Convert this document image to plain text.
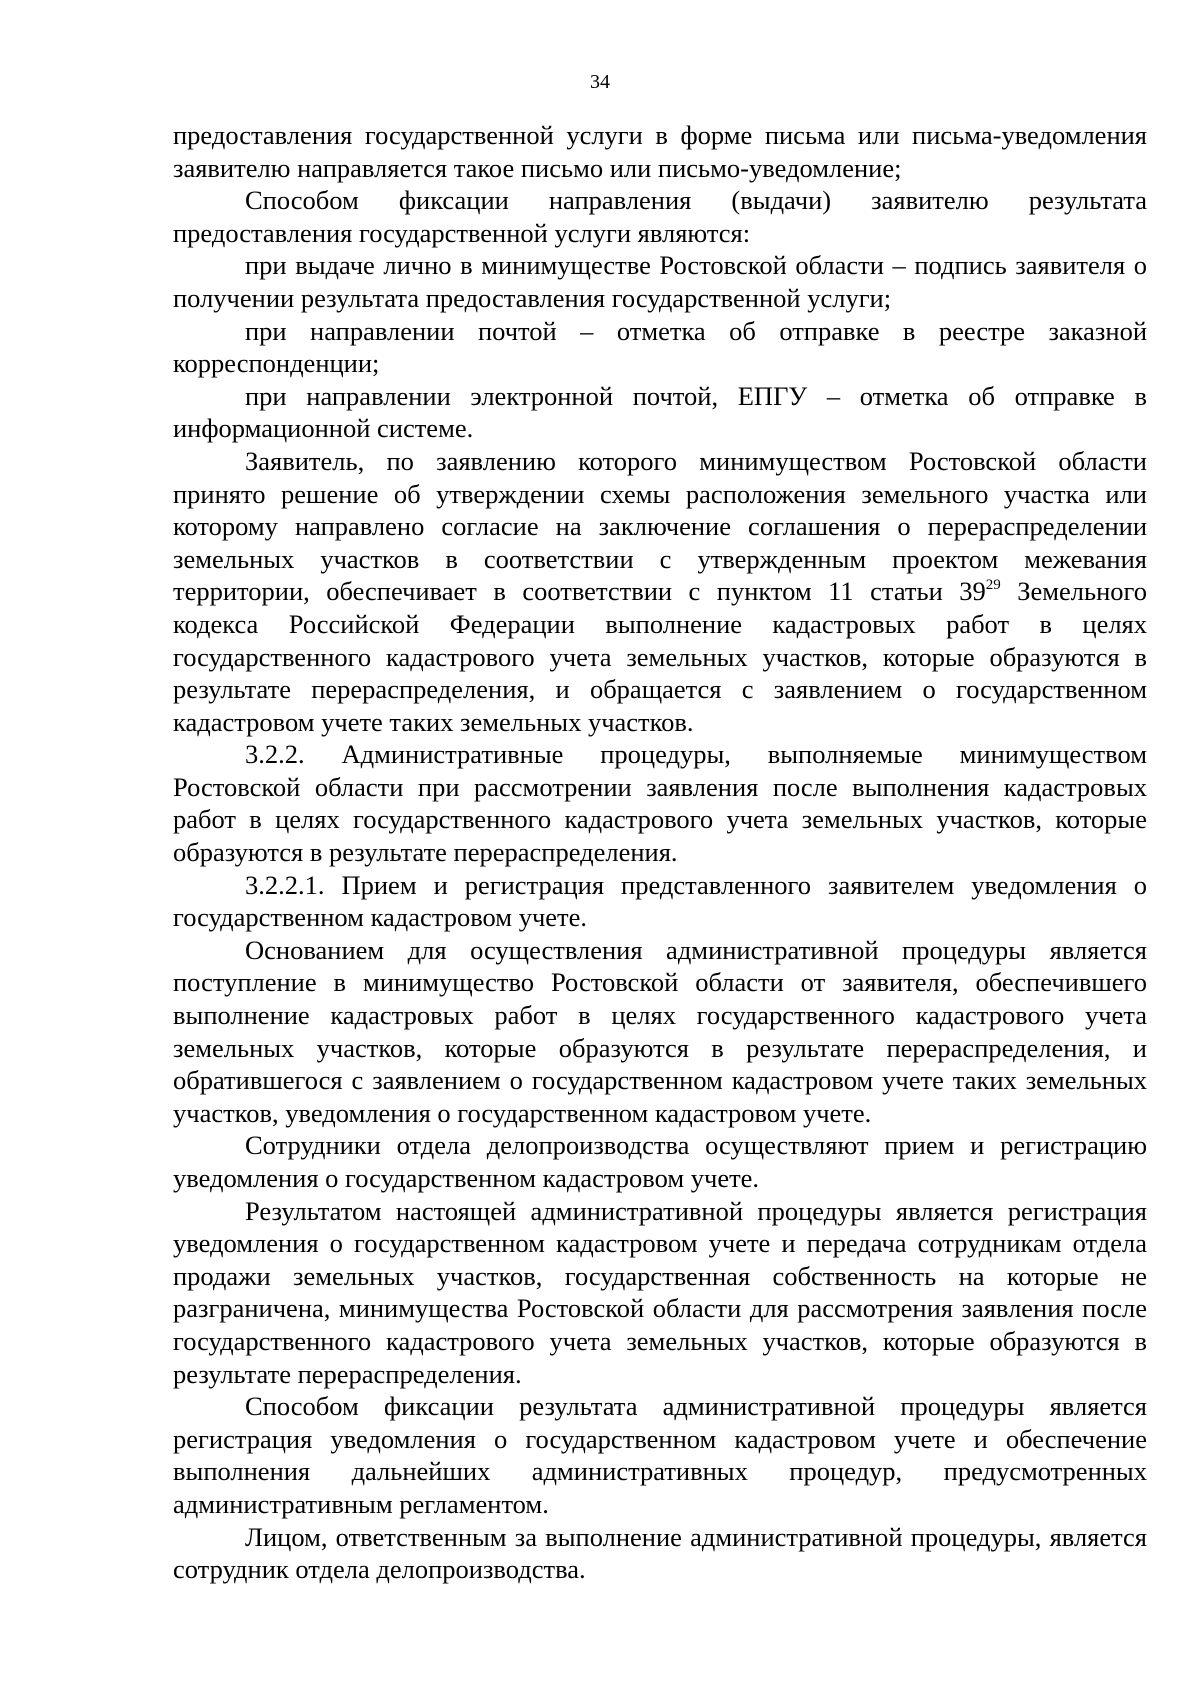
34

предоставления государственной услуги в форме письма или письма-уведомления заявителю направляется такое письмо или письмо-уведомление;

Способом фиксации направления (выдачи) заявителю результата предоставления государственной услуги являются:

при выдаче лично в минимуществе Ростовской области – подпись заявителя о получении результата предоставления государственной услуги;

при направлении почтой – отметка об отправке в реестре заказной корреспонденции;

при направлении электронной почтой, ЕПГУ – отметка об отправке в информационной системе.

Заявитель, по заявлению которого минимуществом Ростовской области принято решение об утверждении схемы расположения земельного участка или которому направлено согласие на заключение соглашения о перераспределении земельных участков в соответствии с утвержденным проектом межевания территории, обеспечивает в соответствии с пунктом 11 статьи $39^{29}$ Земельного кодекса Российской Федерации выполнение кадастровых работ в целях государственного кадастрового учета земельных участков, которые образуются в результате перераспределения, и обращается с заявлением о государственном кадастровом учете таких земельных участков.

3.2.2. Административные процедуры, выполняемые минимуществом Ростовской области при рассмотрении заявления после выполнения кадастровых работ в целях государственного кадастрового учета земельных участков, которые образуются в результате перераспределения.

3.2.2.1. Прием и регистрация представленного заявителем уведомления о государственном кадастровом учете.

Основанием для осуществления административной процедуры является поступление в минимущество Ростовской области от заявителя, обеспечившего выполнение кадастровых работ в целях государственного кадастрового учета земельных участков, которые образуются в результате перераспределения, и обратившегося с заявлением о государственном кадастровом учете таких земельных участков, уведомления о государственном кадастровом учете.

Сотрудники отдела делопроизводства осуществляют прием и регистрацию уведомления о государственном кадастровом учете.

Результатом настоящей административной процедуры является регистрация уведомления о государственном кадастровом учете и передача сотрудникам отдела продажи земельных участков, государственная собственность на которые не разграничена, минимущества Ростовской области для рассмотрения заявления после государственного кадастрового учета земельных участков, которые образуются в результате перераспределения.

Способом фиксации результата административной процедуры является регистрация уведомления о государственном кадастровом учете и обеспечение выполнения дальнейших административных процедур, предусмотренных административным регламентом.

Лицом, ответственным за выполнение административной процедуры, является сотрудник отдела делопроизводства.
